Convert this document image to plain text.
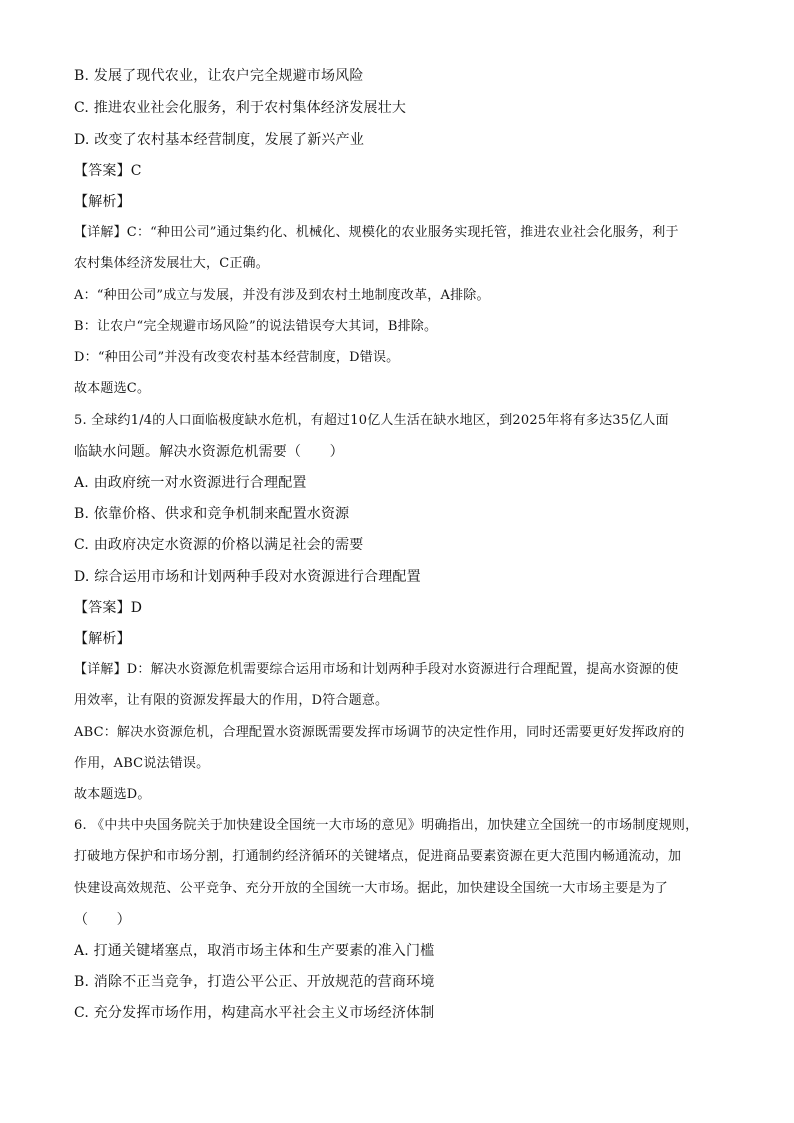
B. 发展了现代农业，让农户完全规避市场风险
C. 推进农业社会化服务，利于农村集体经济发展壮大
D. 改变了农村基本经营制度，发展了新兴产业
【答案】C
【解析】
【详解】C：“种田公司”通过集约化、机械化、规模化的农业服务实现托管，推进农业社会化服务，利于
农村集体经济发展壮大，C正确。
A：“种田公司”成立与发展，并没有涉及到农村土地制度改革，A排除。
B：让农户“完全规避市场风险”的说法错误夸大其词，B排除。
D：“种田公司”并没有改变农村基本经营制度，D错误。
故本题选C。
5. 全球约1/4的人口面临极度缺水危机，有超过10亿人生活在缺水地区，到2025年将有多达35亿人面
临缺水问题。解决水资源危机需要（　　）
A. 由政府统一对水资源进行合理配置
B. 依靠价格、供求和竞争机制来配置水资源
C. 由政府决定水资源的价格以满足社会的需要
D. 综合运用市场和计划两种手段对水资源进行合理配置
【答案】D
【解析】
【详解】D：解决水资源危机需要综合运用市场和计划两种手段对水资源进行合理配置，提高水资源的使
用效率，让有限的资源发挥最大的作用，D符合题意。
ABC：解决水资源危机，合理配置水资源既需要发挥市场调节的决定性作用，同时还需要更好发挥政府的
作用，ABC说法错误。
故本题选D。
6. 《中共中央国务院关于加快建设全国统一大市场的意见》明确指出，加快建立全国统一的市场制度规则，
打破地方保护和市场分割，打通制约经济循环的关键堵点，促进商品要素资源在更大范围内畅通流动，加
快建设高效规范、公平竞争、充分开放的全国统一大市场。据此，加快建设全国统一大市场主要是为了
（　　）
A. 打通关键堵塞点，取消市场主体和生产要素的准入门槛
B. 消除不正当竞争，打造公平公正、开放规范的营商环境
C. 充分发挥市场作用，构建高水平社会主义市场经济体制
